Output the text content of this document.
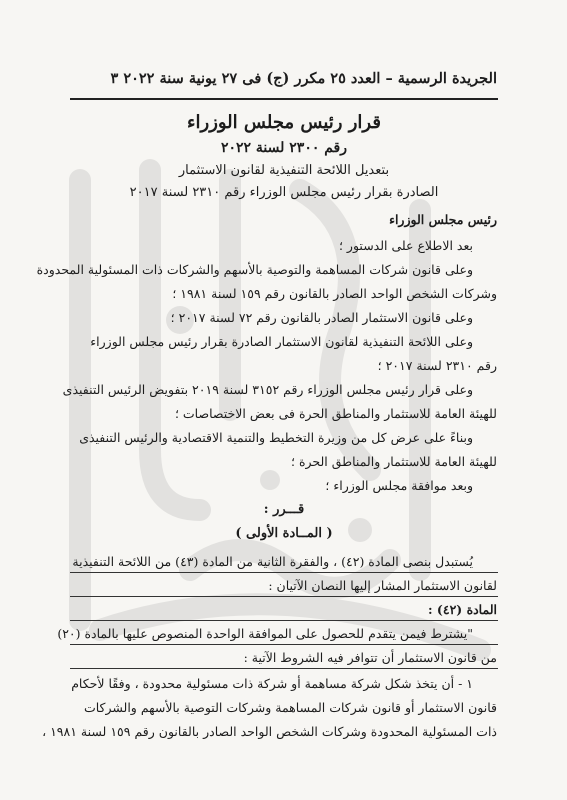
الجريدة الرسمية – العدد ٢٥ مكرر (ج) فى ٢٧ يونية سنة ٢٠٢٢ ٣
قرار رئيس مجلس الوزراء
رقم ٢٣٠٠ لسنة ٢٠٢٢
بتعديل اللائحة التنفيذية لقانون الاستثمار
الصادرة بقرار رئيس مجلس الوزراء رقم ٢٣١٠ لسنة ٢٠١٧
رئيس مجلس الوزراء
بعد الاطلاع على الدستور ؛
وعلى قانون شركات المساهمة والتوصية بالأسهم والشركات ذات المسئولية المحدودة
وشركات الشخص الواحد الصادر بالقانون رقم ١٥٩ لسنة ١٩٨١ ؛
وعلى قانون الاستثمار الصادر بالقانون رقم ٧٢ لسنة ٢٠١٧ ؛
وعلى اللائحة التنفيذية لقانون الاستثمار الصادرة بقرار رئيس مجلس الوزراء
رقم ٢٣١٠ لسنة ٢٠١٧ ؛
وعلى قرار رئيس مجلس الوزراء رقم ٣١٥٢ لسنة ٢٠١٩ بتفويض الرئيس التنفيذى
للهيئة العامة للاستثمار والمناطق الحرة فى بعض الاختصاصات ؛
وبناءً على عرض كل من وزيرة التخطيط والتنمية الاقتصادية والرئيس التنفيذى
للهيئة العامة للاستثمار والمناطق الحرة ؛
وبعد موافقة مجلس الوزراء ؛
قـــرر :
( المــادة الأولى )
يُستبدل بنصى المادة (٤٢) ، والفقرة الثانية من المادة (٤٣) من اللائحة التنفيذية
لقانون الاستثمار المشار إليها النصان الآتيان :
المادة (٤٢) :
"يشترط فيمن يتقدم للحصول على الموافقة الواحدة المنصوص عليها بالمادة (٢٠)
من قانون الاستثمار أن تتوافر فيه الشروط الآتية :
١ - أن يتخذ شكل شركة مساهمة أو شركة ذات مسئولية محدودة ، وفقًا لأحكام
قانون الاستثمار أو قانون شركات المساهمة وشركات التوصية بالأسهم والشركات
ذات المسئولية المحدودة وشركات الشخص الواحد الصادر بالقانون رقم ١٥٩ لسنة ١٩٨١ ،
